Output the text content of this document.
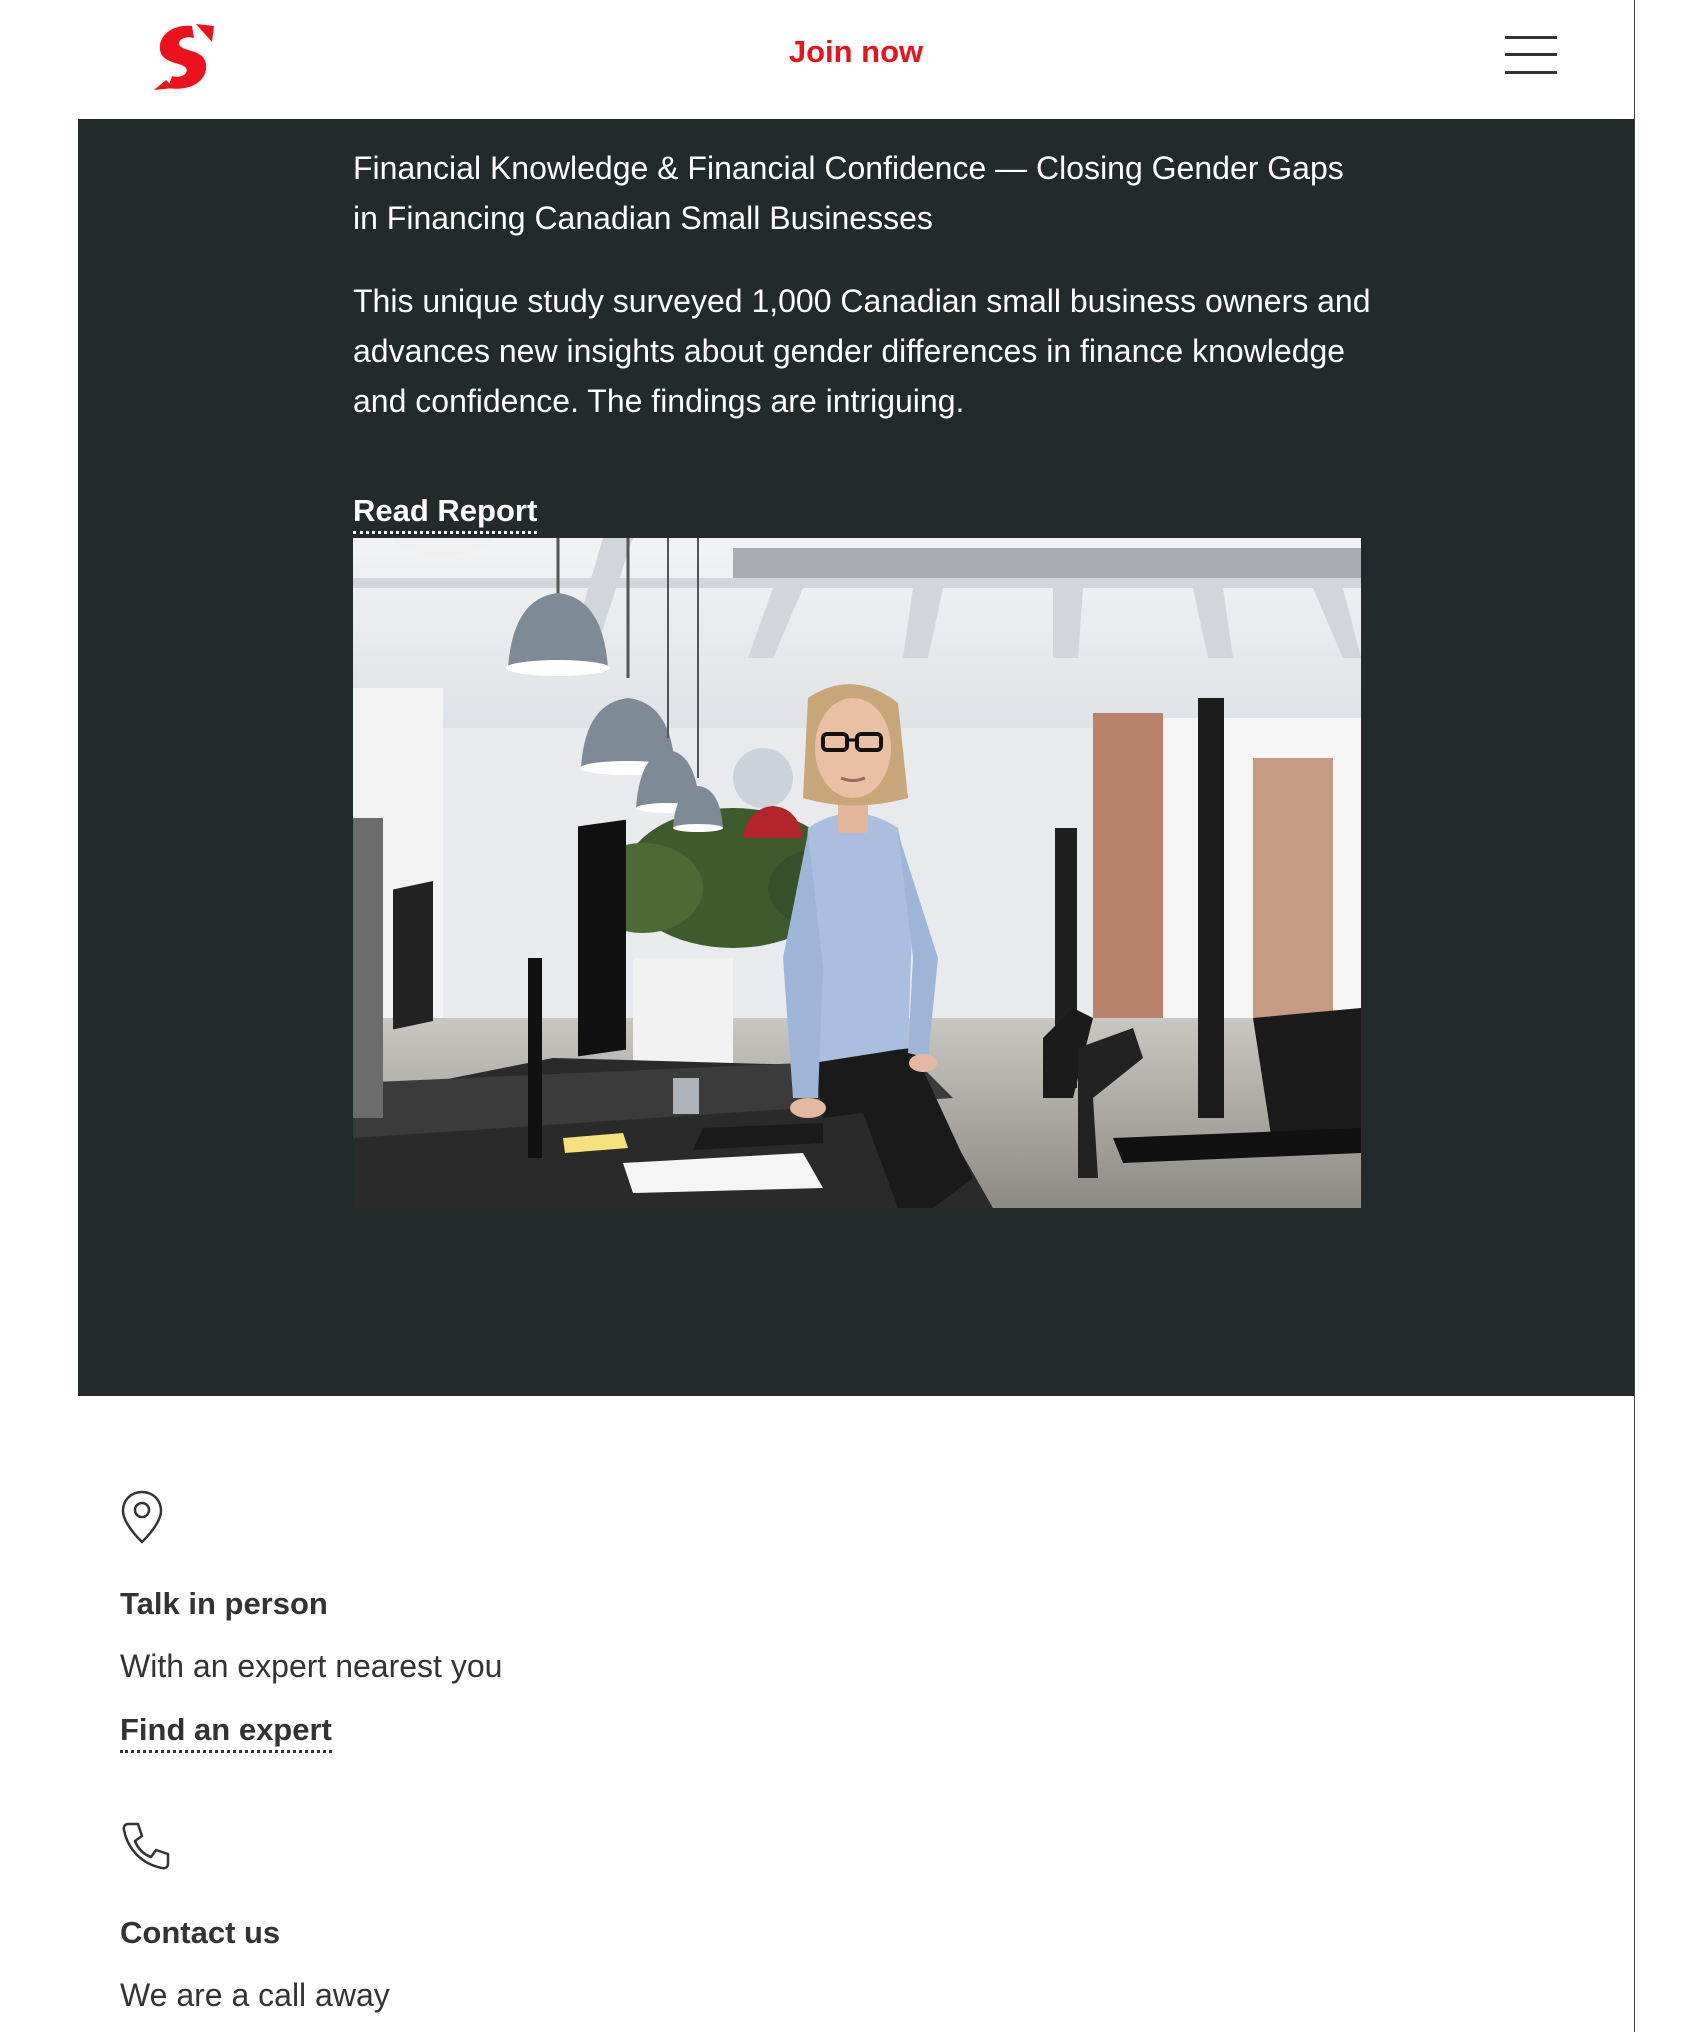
Join now
Financial Knowledge & Financial Confidence — Closing Gender Gaps in Financing Canadian Small Businesses
This unique study surveyed 1,000 Canadian small business owners and advances new insights about gender differences in finance knowledge and confidence. The findings are intriguing.
Read Report
Talk in person
With an expert nearest you
Find an expert
Contact us
We are a call away
